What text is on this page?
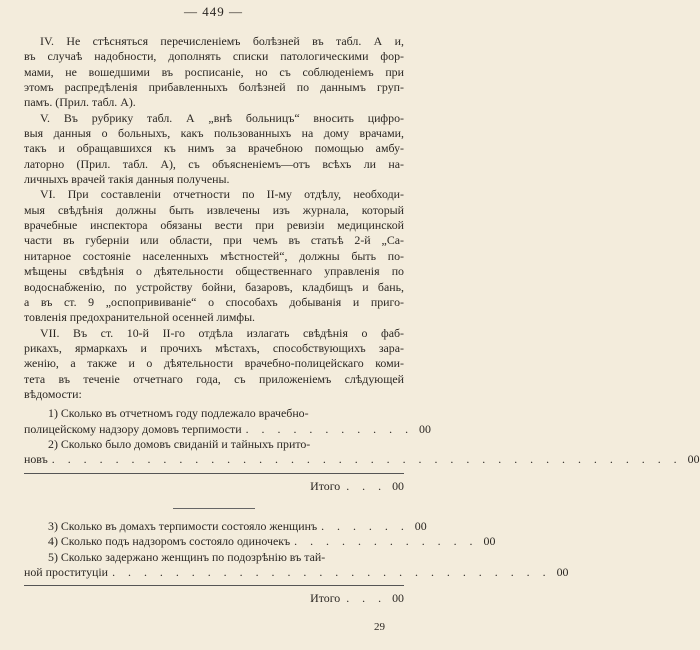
— 449 —
IV. Не стѣсняться перечисленіемъ болѣзней въ табл. А и,
въ случаѣ надобности, дополнять списки патологическими фор-
мами, не вошедшими въ росписаніе, но съ соблюденіемъ при
этомъ распредѣленія прибавленныхъ болѣзней по даннымъ груп-
памъ. (Прил. табл. А).
V. Въ рубрику табл. А „внѣ больницъ“ вносить цифро-
выя данныя о больныхъ, какъ пользованныхъ на дому врачами,
такъ и обращавшихся къ нимъ за врачебною помощью амбу-
латорно (Прил. табл. А), съ объясненіемъ—отъ всѣхъ ли на-
личныхъ врачей такія данныя получены.
VI. При составленіи отчетности по II-му отдѣлу, необходи-
мыя свѣдѣнія должны быть извлечены изъ журнала, который
врачебные инспектора обязаны вести при ревизіи медицинской
части въ губерніи или области, при чемъ въ статьѣ 2-й „Са-
нитарное состояніе населенныхъ мѣстностей“, должны быть по-
мѣщены свѣдѣнія о дѣятельности общественнаго управленія по
водоснабженію, по устройству бойни, базаровъ, кладбищъ и бань,
а въ ст. 9 „оспопрививаніе“ о способахъ добыванія и приго-
товленія предохранительной осенней лимфы.
VII. Въ ст. 10-й II-го отдѣла излагать свѣдѣнія о фаб-
рикахъ, ярмаркахъ и прочихъ мѣстахъ, способствующихъ зара-
женію, а также и о дѣятельности врачебно-полицейскаго коми-
тета въ теченіе отчетнаго года, съ приложеніемъ слѣдующей
вѣдомости:
1) Сколько въ отчетномъ году подлежало врачебно-
полицейскому надзору домовъ терпимости . . . . . . . . . . . 00
2) Сколько было домовъ свиданій и тайныхъ прито-
новъ . . . . . . . . . . . . . . . . . . . . . . . . . . . . . . . . . . . . . . . . 00
Итого . . . 00
3) Сколько въ домахъ терпимости состояло женщинъ . . . . . . 00
4) Сколько подъ надзоромъ состояло одиночекъ . . . . . . . . . . . . 00
5) Сколько задержано женщинъ по подозрѣнію въ тай-
ной проституціи . . . . . . . . . . . . . . . . . . . . . . . . . . . . 00
Итого . . . 00
29
